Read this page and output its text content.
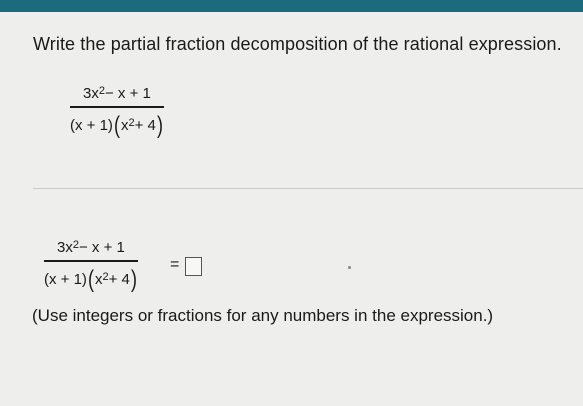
Write the partial fraction decomposition of the rational expression.
$3x^2 - x + 1$
(x + 1) ( $x^2 + 4$ )
$3x^2 - x + 1$
(x + 1) ( $x^2 + 4$ )
=
(Use integers or fractions for any numbers in the expression.)
